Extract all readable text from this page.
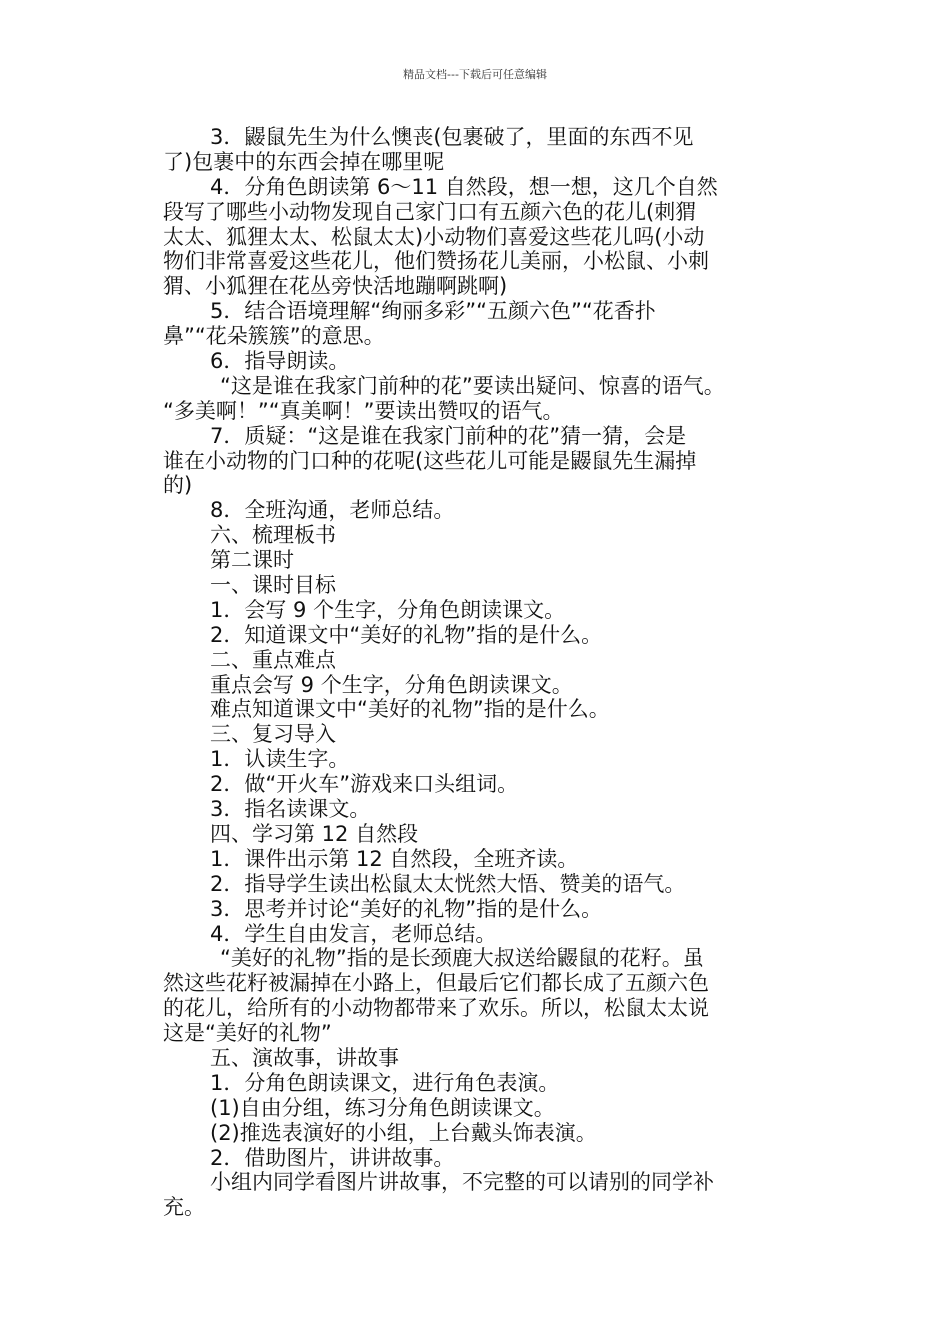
精品文档---下载后可任意编辑
3．鼹鼠先生为什么懊丧(包裹破了，里面的东西不见
了)包裹中的东西会掉在哪里呢
4．分角色朗读第 6～11 自然段，想一想，这几个自然
段写了哪些小动物发现自己家门口有五颜六色的花儿(刺猬
太太、狐狸太太、松鼠太太)小动物们喜爱这些花儿吗(小动
物们非常喜爱这些花儿，他们赞扬花儿美丽，小松鼠、小刺
猬、小狐狸在花丛旁快活地蹦啊跳啊)
5．结合语境理解“绚丽多彩”“五颜六色”“花香扑
鼻”“花朵簇簇”的意思。
6．指导朗读。
“这是谁在我家门前种的花”要读出疑问、惊喜的语气。
“多美啊！”“真美啊！”要读出赞叹的语气。
7．质疑：“这是谁在我家门前种的花”猜一猜，会是
谁在小动物的门口种的花呢(这些花儿可能是鼹鼠先生漏掉
的)
8．全班沟通，老师总结。
六、梳理板书
第二课时
一、课时目标
1．会写 9 个生字，分角色朗读课文。
2．知道课文中“美好的礼物”指的是什么。
二、重点难点
重点会写 9 个生字，分角色朗读课文。
难点知道课文中“美好的礼物”指的是什么。
三、复习导入
1．认读生字。
2．做“开火车”游戏来口头组词。
3．指名读课文。
四、学习第 12 自然段
1．课件出示第 12 自然段，全班齐读。
2．指导学生读出松鼠太太恍然大悟、赞美的语气。
3．思考并讨论“美好的礼物”指的是什么。
4．学生自由发言，老师总结。
“美好的礼物”指的是长颈鹿大叔送给鼹鼠的花籽。虽
然这些花籽被漏掉在小路上，但最后它们都长成了五颜六色
的花儿，给所有的小动物都带来了欢乐。所以，松鼠太太说
这是“美好的礼物”
五、演故事，讲故事
1．分角色朗读课文，进行角色表演。
(1)自由分组，练习分角色朗读课文。
(2)推选表演好的小组，上台戴头饰表演。
2．借助图片，讲讲故事。
小组内同学看图片讲故事，不完整的可以请别的同学补
充。
